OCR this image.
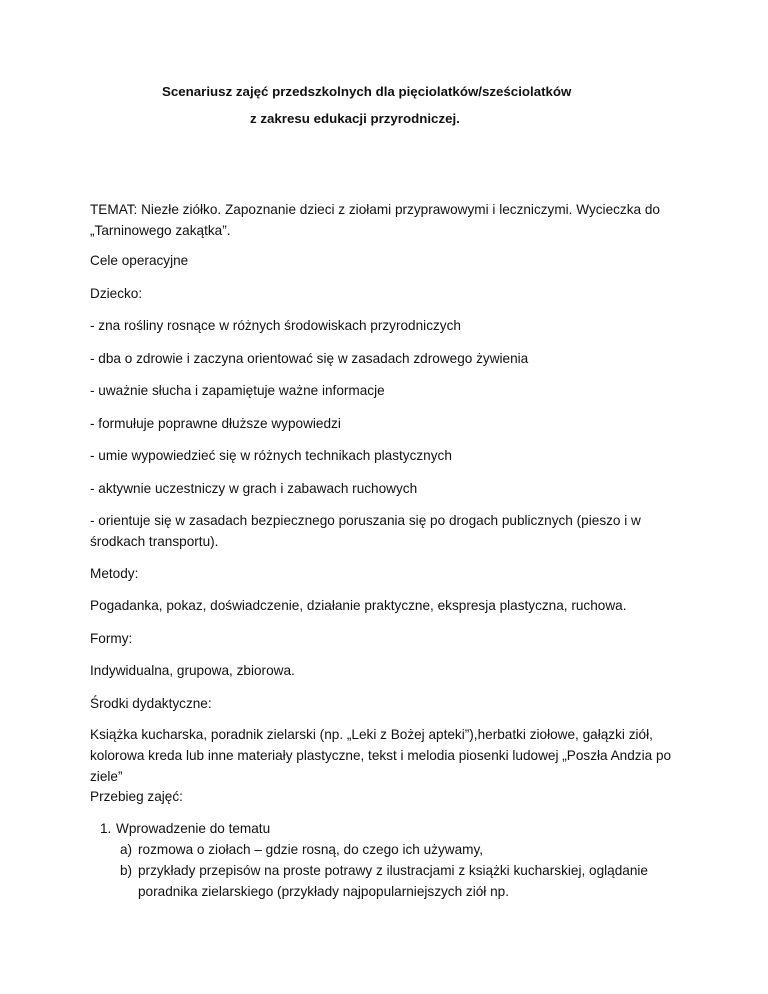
Scenariusz zajęć przedszkolnych dla pięciolatków/sześciolatków
z zakresu edukacji przyrodniczej.
TEMAT: Niezłe ziółko. Zapoznanie dzieci z ziołami przyprawowymi i leczniczymi. Wycieczka do „Tarninowego zakątka”.
Cele operacyjne
Dziecko:
- zna rośliny rosnące w różnych środowiskach przyrodniczych
- dba o zdrowie i zaczyna orientować się w zasadach zdrowego żywienia
- uważnie słucha i zapamiętuje ważne informacje
- formułuje poprawne dłuższe wypowiedzi
- umie wypowiedzieć się w różnych technikach plastycznych
- aktywnie uczestniczy w grach i zabawach ruchowych
- orientuje się w zasadach bezpiecznego poruszania się po drogach publicznych (pieszo i w środkach transportu).
Metody:
Pogadanka, pokaz, doświadczenie, działanie praktyczne, ekspresja plastyczna, ruchowa.
Formy:
Indywidualna, grupowa, zbiorowa.
Środki dydaktyczne:
Książka kucharska, poradnik zielarski (np. „Leki z Bożej apteki”),herbatki ziołowe, gałązki ziół, kolorowa kreda lub inne materiały plastyczne, tekst i melodia piosenki ludowej „Poszła Andzia po ziele”
Przebieg zajęć:
1. Wprowadzenie do tematu
a) rozmowa o ziołach – gdzie rosną, do czego ich używamy,
b) przykłady przepisów na proste potrawy z ilustracjami z książki kucharskiej, oglądanie poradnika zielarskiego (przykłady najpopularniejszych ziół np.
